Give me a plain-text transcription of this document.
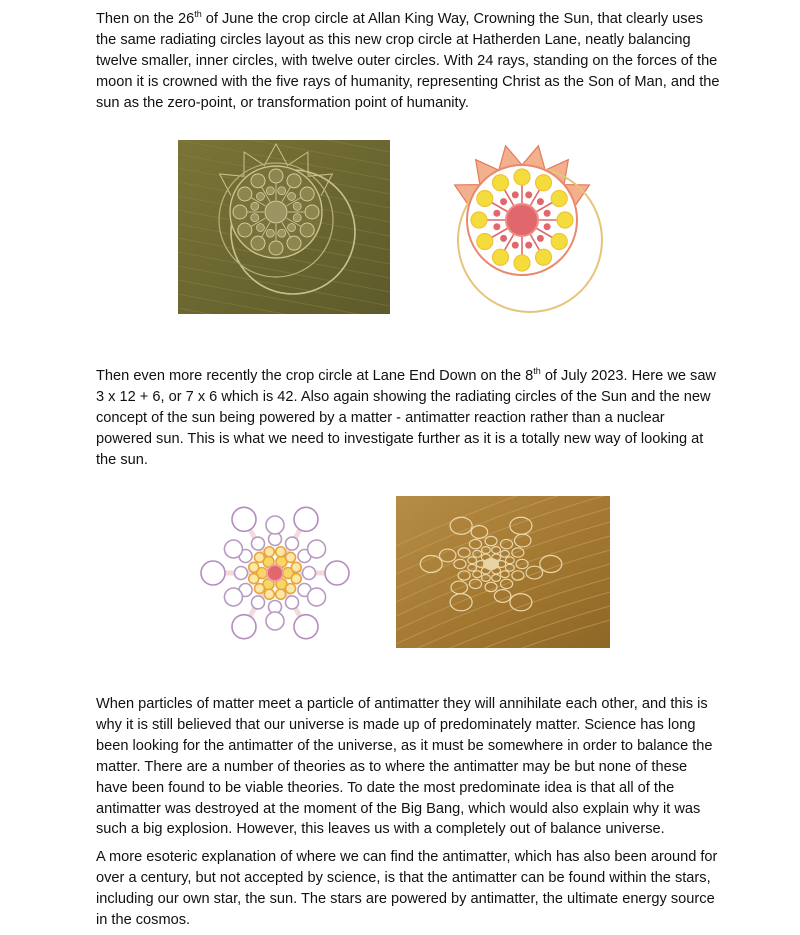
Then on the 26th of June the crop circle at Allan King Way, Crowning the Sun, that clearly uses the same radiating circles layout as this new crop circle at Hatherden Lane, neatly balancing twelve smaller, inner circles, with twelve outer circles. With 24 rays, standing on the forces of the moon it is crowned with the five rays of humanity, representing Christ as the Son of Man, and the sun as the zero-point, or transformation point of humanity.

Then even more recently the crop circle at Lane End Down on the 8th of July 2023. Here we saw 3 x 12 + 6, or 7 x 6 which is 42. Also again showing the radiating circles of the Sun and the new concept of the sun being powered by a matter - antimatter reaction rather than a nuclear powered sun. This is what we need to investigate further as it is a totally new way of looking at the sun.

When particles of matter meet a particle of antimatter they will annihilate each other, and this is why it is still believed that our universe is made up of predominately matter. Science has long been looking for the antimatter of the universe, as it must be somewhere in order to balance the matter. There are a number of theories as to where the antimatter may be but none of these have been found to be viable theories. To date the most predominate idea is that all of the antimatter was destroyed at the moment of the Big Bang, which would also explain why it was such a big explosion. However, this leaves us with a completely out of balance universe.

A more esoteric explanation of where we can find the antimatter, which has also been around for over a century, but not accepted by science, is that the antimatter can be found within the stars, including our own star, the sun. The stars are powered by antimatter, the ultimate energy source in the cosmos.
